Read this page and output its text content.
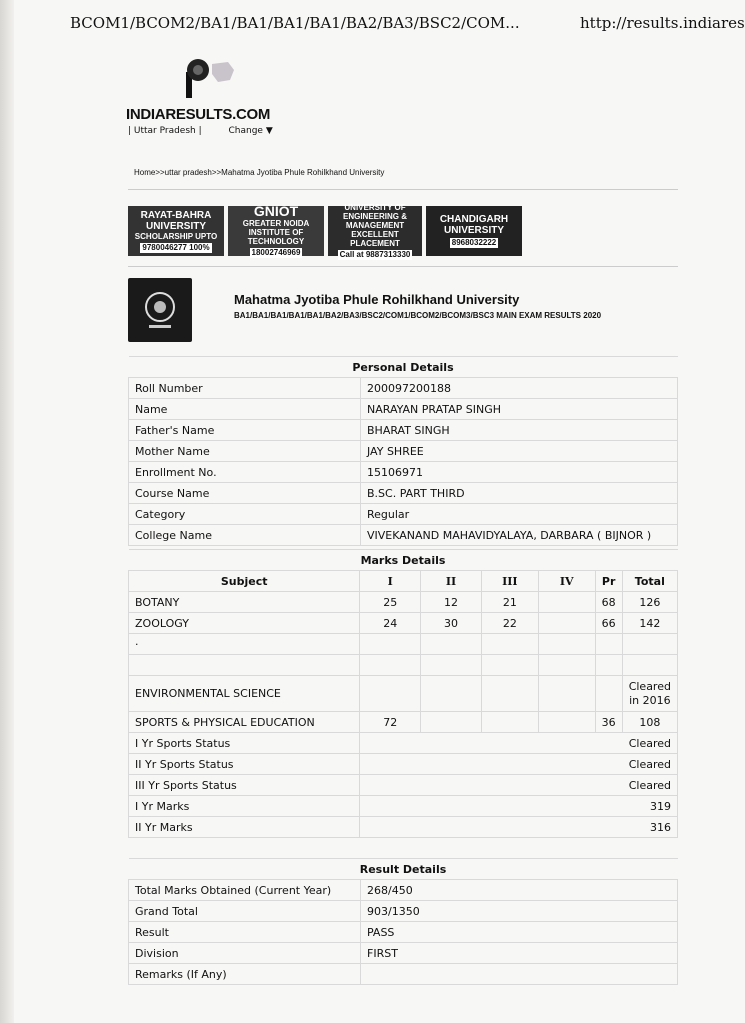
BCOM1/BCOM2/BA1/BA1/BA1/BA1/BA2/BA3/BSC2/COM...	http://results.indiares
INDIARESULTS.COM
| Uttar Pradesh |	Change ▼
Home>>uttar pradesh>>Mahatma Jyotiba Phule Rohilkhand University
RAYAT-BAHRA
UNIVERSITY
SCHOLARSHIP UPTO
9780046277 100%
GNIOT
GREATER NOIDA INSTITUTE OF TECHNOLOGY
18002746969
UNIVERSITY OF
ENGINEERING & MANAGEMENT
EXCELLENT PLACEMENT
Call at 9887313330
CHANDIGARH
UNIVERSITY
8968032222
Mahatma Jyotiba Phule Rohilkhand University
BA1/BA1/BA1/BA1/BA1/BA2/BA3/BSC2/COM1/BCOM2/BCOM3/BSC3 MAIN EXAM RESULTS 2020
Personal Details	
Roll Number	200097200188
Name	NARAYAN PRATAP SINGH
Father's Name	BHARAT SINGH
Mother Name	JAY SHREE
Enrollment No.	15106971
Course Name	B.SC. PART THIRD
Category	Regular
College Name	VIVEKANAND MAHAVIDYALAYA, DARBARA ( BIJNOR )
Marks Details						
Subject	I	II	III	IV	Pr	Total
BOTANY	25	12	21		68	126
ZOOLOGY	24	30	22		66	142
·						

ENVIRONMENTAL SCIENCE						Cleared in 2016
SPORTS & PHYSICAL EDUCATION	72				36	108
I Yr Sports Status	Cleared					
II Yr Sports Status	Cleared					
III Yr Sports Status	Cleared					
I Yr Marks	319					
II Yr Marks	316					
Result Details	
Total Marks Obtained (Current Year)	268/450
Grand Total	903/1350
Result	PASS
Division	FIRST
Remarks (If Any)	
